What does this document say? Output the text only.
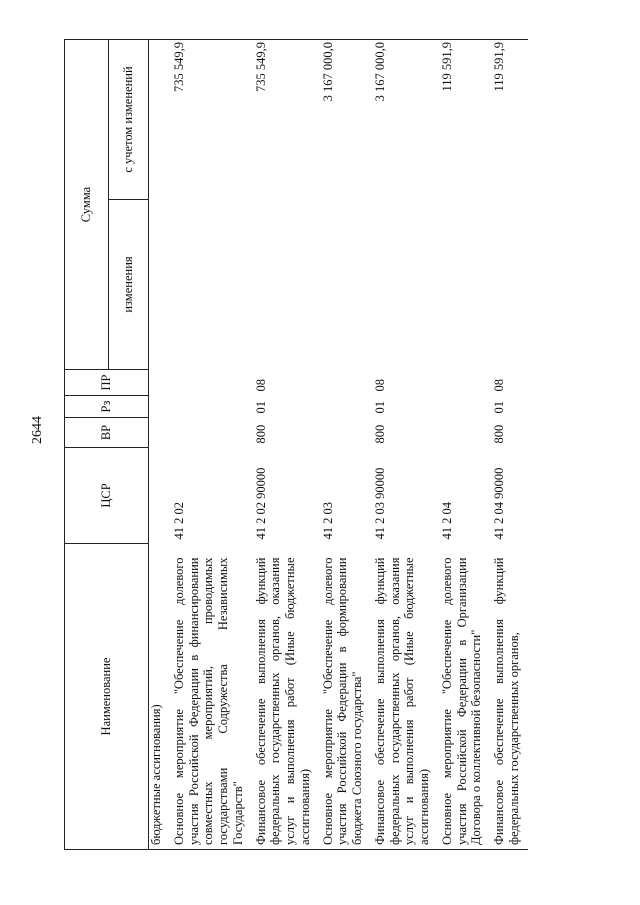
2644
Наименование	ЦСР	ВР	Рз	ПР	Сумма	
					изменения	с учетом изменений
бюджетные ассигнования)						
Основное мероприятие "Обеспечение долевого участия Российской Федерации в финансировании совместных мероприятий, проводимых государствами Содружества Независимых Государств"	41 2 02					735 549,9
Финансовое обеспечение выполнения функций федеральных государственных органов, оказания услуг и выполнения работ (Иные бюджетные ассигнования)	41 2 02 90000	800	01	08		735 549,9
Основное мероприятие "Обеспечение долевого участия Российской Федерации в формировании бюджета Союзного государства"	41 2 03					3 167 000,0
Финансовое обеспечение выполнения функций федеральных государственных органов, оказания услуг и выполнения работ (Иные бюджетные ассигнования)	41 2 03 90000	800	01	08		3 167 000,0
Основное мероприятие "Обеспечение долевого участия Российской Федерации в Организации Договора о коллективной безопасности"	41 2 04					119 591,9
Финансовое обеспечение выполнения функций федеральных государственных органов,	41 2 04 90000	800	01	08		119 591,9
